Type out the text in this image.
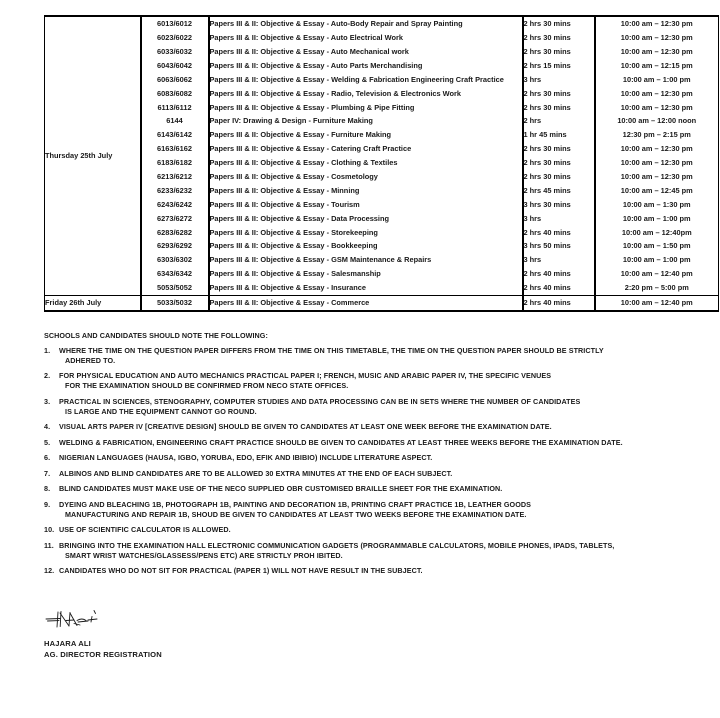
Thursday 25th July	6013/6012	Papers III & II: Objective & Essay - Auto-Body Repair and Spray Painting	2 hrs 30 mins	10:00 am – 12:30 pm
	6023/6022	Papers III & II: Objective & Essay - Auto Electrical Work	2 hrs 30 mins	10:00 am – 12:30 pm
	6033/6032	Papers III & II: Objective & Essay - Auto Mechanical work	2 hrs 30 mins	10:00 am – 12:30 pm
	6043/6042	Papers III & II: Objective & Essay - Auto Parts Merchandising	2 hrs 15 mins	10:00 am – 12:15 pm
	6063/6062	Papers III & II: Objective & Essay - Welding & Fabrication Engineering Craft Practice	3 hrs	10:00 am – 1:00 pm
	6083/6082	Papers III & II: Objective & Essay - Radio, Television & Electronics Work	2 hrs 30 mins	10:00 am – 12:30 pm
	6113/6112	Papers III & II: Objective & Essay - Plumbing & Pipe Fitting	2 hrs 30 mins	10:00 am – 12:30 pm
	6144	Paper IV: Drawing & Design - Furniture Making	2 hrs	10:00 am – 12:00 noon
	6143/6142	Papers III & II: Objective & Essay - Furniture Making	1 hr 45 mins	12:30 pm – 2:15 pm
	6163/6162	Papers III & II: Objective & Essay - Catering Craft Practice	2 hrs 30 mins	10:00 am – 12:30 pm
	6183/6182	Papers III & II: Objective & Essay - Clothing & Textiles	2 hrs 30 mins	10:00 am – 12:30 pm
	6213/6212	Papers III & II: Objective & Essay - Cosmetology	2 hrs 30 mins	10:00 am – 12:30 pm
	6233/6232	Papers III & II: Objective & Essay - Minning	2 hrs 45 mins	10:00 am – 12:45 pm
	6243/6242	Papers III & II: Objective & Essay - Tourism	3 hrs 30 mins	10:00 am – 1:30 pm
	6273/6272	Papers III & II: Objective & Essay - Data Processing	3 hrs	10:00 am – 1:00 pm
	6283/6282	Papers III & II: Objective & Essay - Storekeeping	2 hrs 40 mins	10:00 am – 12:40pm
	6293/6292	Papers III & II: Objective & Essay - Bookkeeping	3 hrs 50 mins	10:00 am – 1:50 pm
	6303/6302	Papers III & II: Objective & Essay - GSM Maintenance & Repairs	3 hrs	10:00 am – 1:00 pm
	6343/6342	Papers III & II: Objective & Essay - Salesmanship	2 hrs 40 mins	10:00 am – 12:40 pm
	5053/5052	Papers III & II: Objective & Essay - Insurance	2 hrs 40 mins	2:20 pm – 5:00 pm
Friday 26th July	5033/5032	Papers III & II: Objective & Essay - Commerce	2 hrs 40 mins	10:00 am – 12:40 pm
SCHOOLS AND CANDIDATES SHOULD NOTE THE FOLLOWING:
1.	WHERE THE TIME ON THE QUESTION PAPER DIFFERS FROM THE TIME ON THIS TIMETABLE, THE TIME ON THE QUESTION PAPER SHOULD BE STRICTLY
ADHERED TO.
2.	FOR PHYSICAL EDUCATION AND AUTO MECHANICS PRACTICAL PAPER I; FRENCH, MUSIC AND ARABIC PAPER IV, THE SPECIFIC VENUES
FOR THE EXAMINATION SHOULD BE CONFIRMED FROM NECO STATE OFFICES.
3.	PRACTICAL IN SCIENCES, STENOGRAPHY, COMPUTER STUDIES AND DATA PROCESSING CAN BE IN SETS WHERE THE NUMBER OF CANDIDATES
IS LARGE AND THE EQUIPMENT CANNOT GO ROUND.
4.	VISUAL ARTS PAPER IV [CREATIVE DESIGN] SHOULD BE GIVEN TO CANDIDATES AT LEAST ONE WEEK BEFORE THE EXAMINATION DATE.
5.	WELDING & FABRICATION, ENGINEERING CRAFT PRACTICE SHOULD BE GIVEN TO CANDIDATES AT LEAST THREE WEEKS BEFORE THE EXAMINATION DATE.
6.	NIGERIAN LANGUAGES (HAUSA, IGBO, YORUBA, EDO, EFIK AND IBIBIO) INCLUDE LITERATURE ASPECT.
7.	ALBINOS AND BLIND CANDIDATES ARE TO BE ALLOWED 30 EXTRA MINUTES AT THE END OF EACH SUBJECT.
8.	BLIND CANDIDATES MUST MAKE USE OF THE NECO SUPPLIED OBR CUSTOMISED BRAILLE SHEET FOR THE EXAMINATION.
9.	DYEING AND BLEACHING 1B, PHOTOGRAPH 1B, PAINTING AND DECORATION 1B, PRINTING CRAFT PRACTICE 1B, LEATHER GOODS
MANUFACTURING AND REPAIR 1B, SHOUD BE GIVEN TO CANDIDATES AT LEAST TWO WEEKS BEFORE THE EXAMINATION DATE.
10. USE OF SCIENTIFIC CALCULATOR IS ALLOWED.
11. BRINGING INTO THE EXAMINATION HALL ELECTRONIC COMMUNICATION GADGETS (PROGRAMMABLE CALCULATORS, MOBILE PHONES, IPADS, TABLETS,
SMART WRIST WATCHES/GLASSESS/PENS ETC) ARE STRICTLY PROH IBITED.
12. CANDIDATES WHO DO NOT SIT FOR PRACTICAL (PAPER 1) WILL NOT HAVE RESULT IN THE SUBJECT.
HAJARA ALI
AG. DIRECTOR REGISTRATION
